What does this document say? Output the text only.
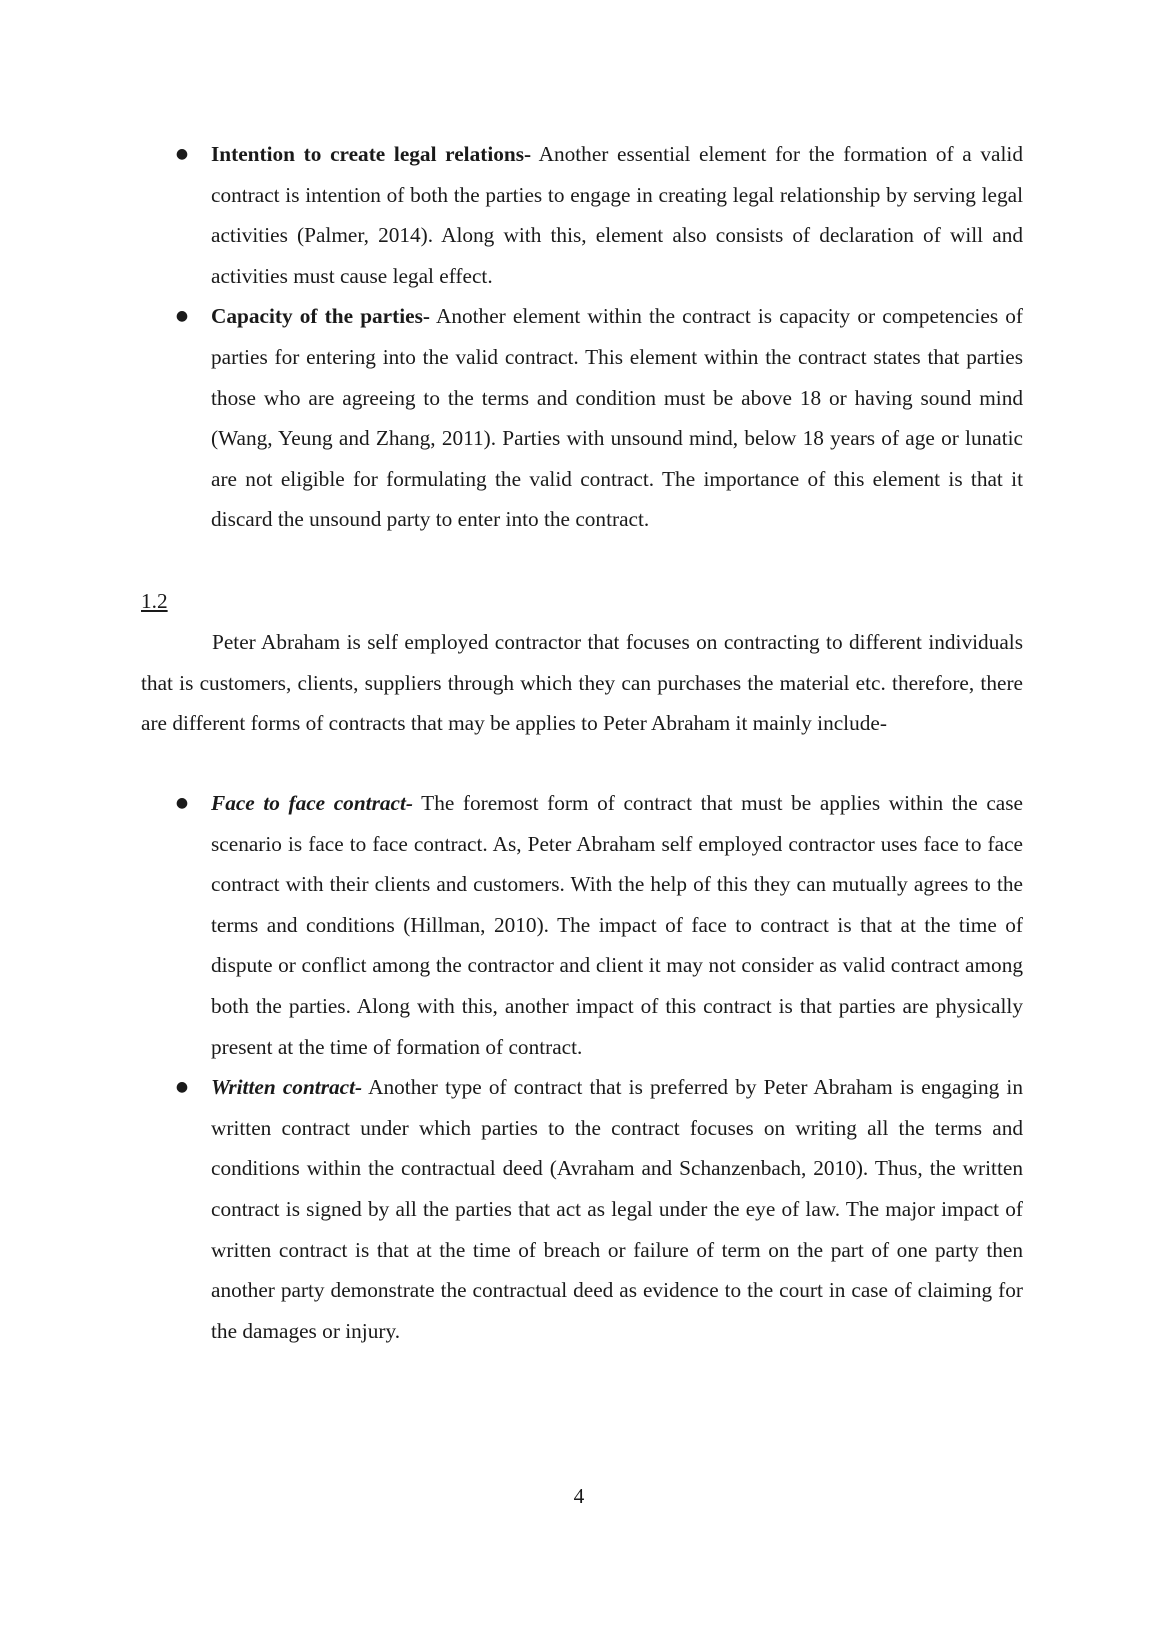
● Intention to create legal relations- Another essential element for the formation of a valid contract is intention of both the parties to engage in creating legal relationship by serving legal activities (Palmer, 2014). Along with this, element also consists of declaration of will and activities must cause legal effect.
● Capacity of the parties- Another element within the contract is capacity or competencies of parties for entering into the valid contract. This element within the contract states that parties those who are agreeing to the terms and condition must be above 18 or having sound mind (Wang, Yeung and Zhang, 2011). Parties with unsound mind, below 18 years of age or lunatic are not eligible for formulating the valid contract. The importance of this element is that it discard the unsound party to enter into the contract.
1.2

Peter Abraham is self employed contractor that focuses on contracting to different individuals that is customers, clients, suppliers through which they can purchases the material etc. therefore, there are different forms of contracts that may be applies to Peter Abraham it mainly include-

● Face to face contract- The foremost form of contract that must be applies within the case scenario is face to face contract. As, Peter Abraham self employed contractor uses face to face contract with their clients and customers. With the help of this they can mutually agrees to the terms and conditions (Hillman, 2010). The impact of face to contract is that at the time of dispute or conflict among the contractor and client it may not consider as valid contract among both the parties. Along with this, another impact of this contract is that parties are physically present at the time of formation of contract.
● Written contract- Another type of contract that is preferred by Peter Abraham is engaging in written contract under which parties to the contract focuses on writing all the terms and conditions within the contractual deed (Avraham and Schanzenbach, 2010). Thus, the written contract is signed by all the parties that act as legal under the eye of law. The major impact of written contract is that at the time of breach or failure of term on the part of one party then another party demonstrate the contractual deed as evidence to the court in case of claiming for the damages or injury.
4
